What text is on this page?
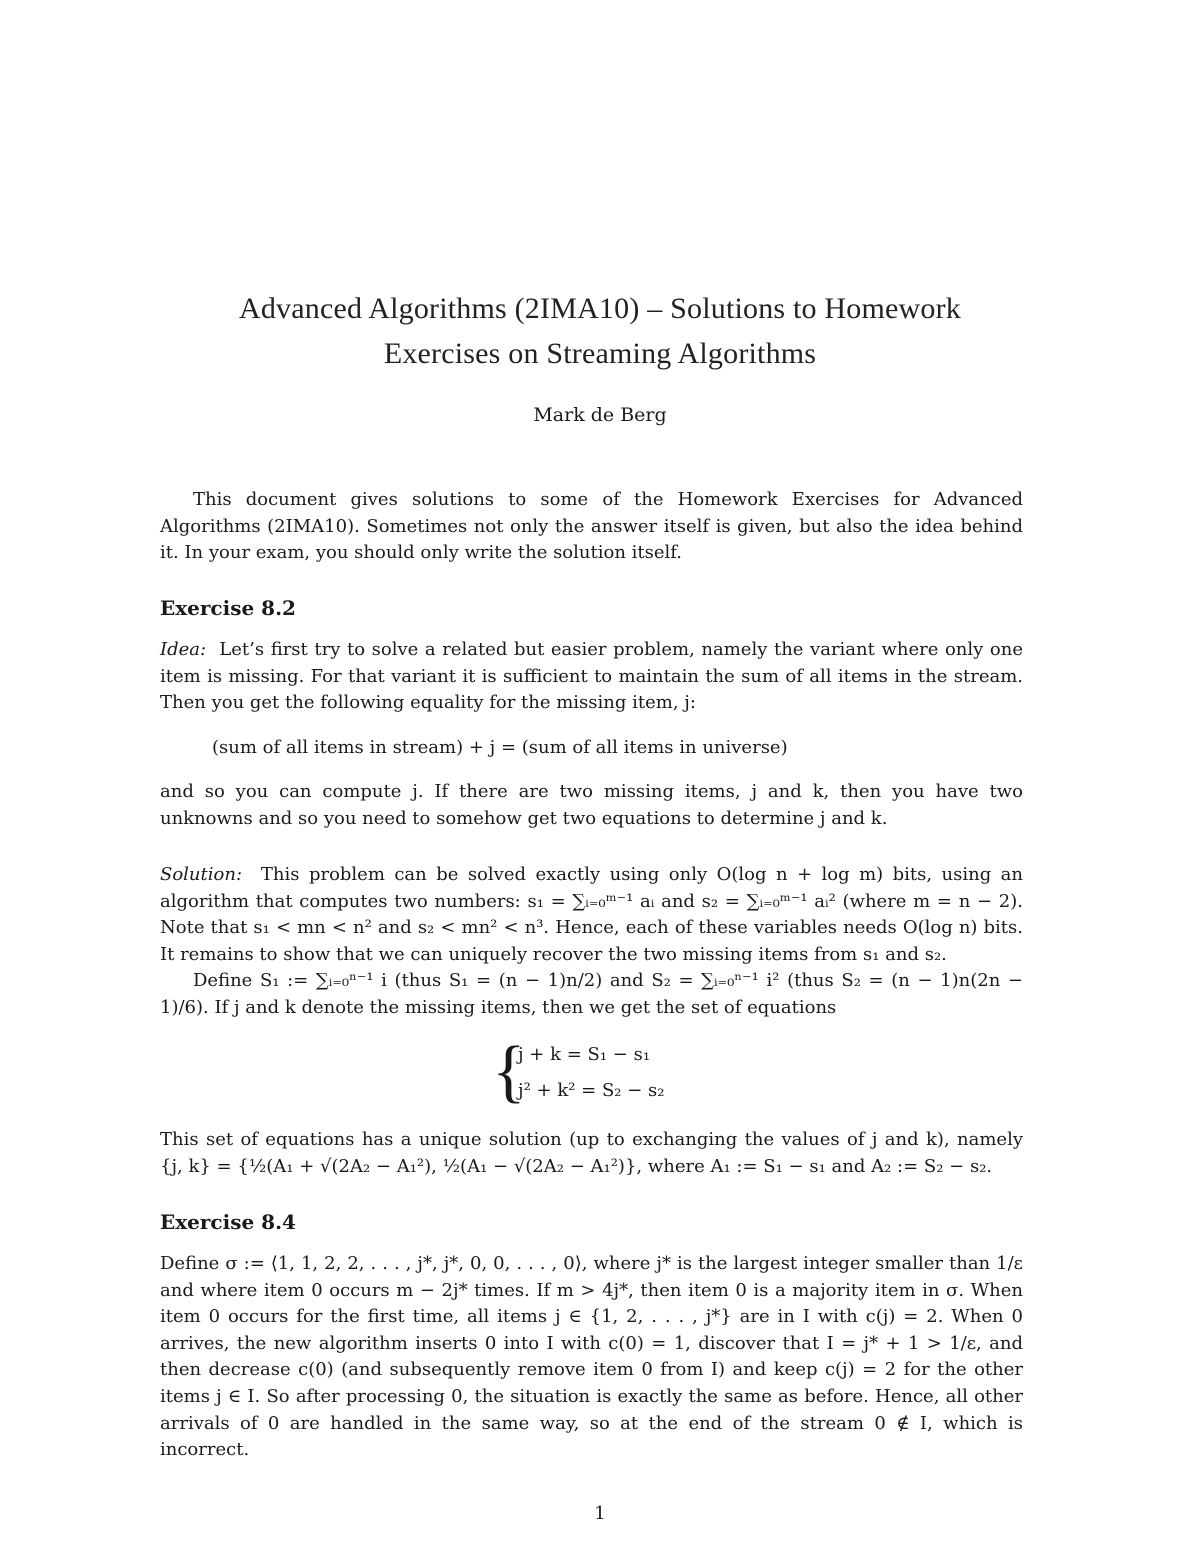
Advanced Algorithms (2IMA10) – Solutions to Homework
Exercises on Streaming Algorithms
Mark de Berg
This document gives solutions to some of the Homework Exercises for Advanced Algorithms (2IMA10). Sometimes not only the answer itself is given, but also the idea behind it. In your exam, you should only write the solution itself.
Exercise 8.2
Idea: Let’s first try to solve a related but easier problem, namely the variant where only one item is missing. For that variant it is sufficient to maintain the sum of all items in the stream. Then you get the following equality for the missing item, j:
(sum of all items in stream) + j = (sum of all items in universe)
and so you can compute j. If there are two missing items, j and k, then you have two unknowns and so you need to somehow get two equations to determine j and k.
Solution: This problem can be solved exactly using only O(log n + log m) bits, using an algorithm that computes two numbers: s₁ = ∑ᵢ₌₀ᵐ⁻¹ aᵢ and s₂ = ∑ᵢ₌₀ᵐ⁻¹ aᵢ² (where m = n − 2). Note that s₁ < mn < n² and s₂ < mn² < n³. Hence, each of these variables needs O(log n) bits. It remains to show that we can uniquely recover the two missing items from s₁ and s₂.
Define S₁ := ∑ᵢ₌₀ⁿ⁻¹ i (thus S₁ = (n − 1)n/2) and S₂ = ∑ᵢ₌₀ⁿ⁻¹ i² (thus S₂ = (n − 1)n(2n − 1)/6). If j and k denote the missing items, then we get the set of equations
{
j + k = S₁ − s₁
j² + k² = S₂ − s₂
This set of equations has a unique solution (up to exchanging the values of j and k), namely {j, k} = {½(A₁ + √(2A₂ − A₁²), ½(A₁ − √(2A₂ − A₁²)}, where A₁ := S₁ − s₁ and A₂ := S₂ − s₂.
Exercise 8.4
Define σ := ⟨1, 1, 2, 2, . . . , j*, j*, 0, 0, . . . , 0⟩, where j* is the largest integer smaller than 1/ε and where item 0 occurs m − 2j* times. If m > 4j*, then item 0 is a majority item in σ. When item 0 occurs for the first time, all items j ∈ {1, 2, . . . , j*} are in I with c(j) = 2. When 0 arrives, the new algorithm inserts 0 into I with c(0) = 1, discover that I = j* + 1 > 1/ε, and then decrease c(0) (and subsequently remove item 0 from I) and keep c(j) = 2 for the other items j ∈ I. So after processing 0, the situation is exactly the same as before. Hence, all other arrivals of 0 are handled in the same way, so at the end of the stream 0 ∉ I, which is incorrect.
1
